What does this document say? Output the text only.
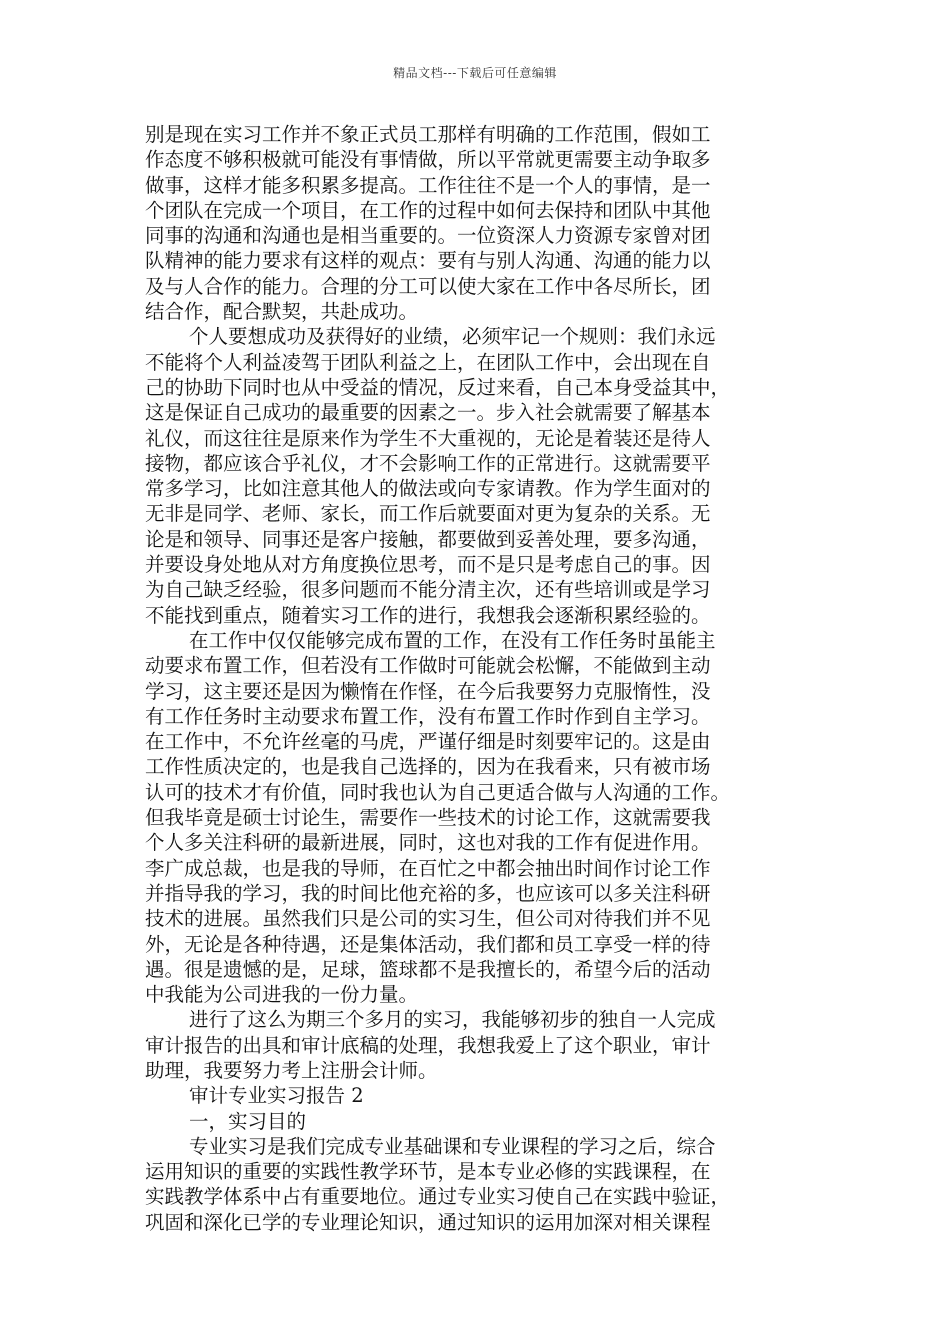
精品文档---下载后可任意编辑
别是现在实习工作并不象正式员工那样有明确的工作范围，假如工
作态度不够积极就可能没有事情做，所以平常就更需要主动争取多
做事，这样才能多积累多提高。工作往往不是一个人的事情，是一
个团队在完成一个项目，在工作的过程中如何去保持和团队中其他
同事的沟通和沟通也是相当重要的。一位资深人力资源专家曾对团
队精神的能力要求有这样的观点：要有与别人沟通、沟通的能力以
及与人合作的能力。合理的分工可以使大家在工作中各尽所长，团
结合作，配合默契，共赴成功。
个人要想成功及获得好的业绩，必须牢记一个规则：我们永远
不能将个人利益凌驾于团队利益之上，在团队工作中，会出现在自
己的协助下同时也从中受益的情况，反过来看，自己本身受益其中，
这是保证自己成功的最重要的因素之一。步入社会就需要了解基本
礼仪，而这往往是原来作为学生不大重视的，无论是着装还是待人
接物，都应该合乎礼仪，才不会影响工作的正常进行。这就需要平
常多学习，比如注意其他人的做法或向专家请教。作为学生面对的
无非是同学、老师、家长，而工作后就要面对更为复杂的关系。无
论是和领导、同事还是客户接触，都要做到妥善处理，要多沟通，
并要设身处地从对方角度换位思考，而不是只是考虑自己的事。因
为自己缺乏经验，很多问题而不能分清主次，还有些培训或是学习
不能找到重点，随着实习工作的进行，我想我会逐渐积累经验的。
在工作中仅仅能够完成布置的工作，在没有工作任务时虽能主
动要求布置工作，但若没有工作做时可能就会松懈，不能做到主动
学习，这主要还是因为懒惰在作怪，在今后我要努力克服惰性，没
有工作任务时主动要求布置工作，没有布置工作时作到自主学习。
在工作中，不允许丝毫的马虎，严谨仔细是时刻要牢记的。这是由
工作性质决定的，也是我自己选择的，因为在我看来，只有被市场
认可的技术才有价值，同时我也认为自己更适合做与人沟通的工作。
但我毕竟是硕士讨论生，需要作一些技术的讨论工作，这就需要我
个人多关注科研的最新进展，同时，这也对我的工作有促进作用。
李广成总裁，也是我的导师，在百忙之中都会抽出时间作讨论工作
并指导我的学习，我的时间比他充裕的多，也应该可以多关注科研
技术的进展。虽然我们只是公司的实习生，但公司对待我们并不见
外，无论是各种待遇，还是集体活动，我们都和员工享受一样的待
遇。很是遗憾的是，足球，篮球都不是我擅长的，希望今后的活动
中我能为公司进我的一份力量。
进行了这么为期三个多月的实习，我能够初步的独自一人完成
审计报告的出具和审计底稿的处理，我想我爱上了这个职业，审计
助理，我要努力考上注册会计师。
审计专业实习报告 2
一，实习目的
专业实习是我们完成专业基础课和专业课程的学习之后，综合
运用知识的重要的实践性教学环节，是本专业必修的实践课程，在
实践教学体系中占有重要地位。通过专业实习使自己在实践中验证，
巩固和深化已学的专业理论知识，通过知识的运用加深对相关课程
